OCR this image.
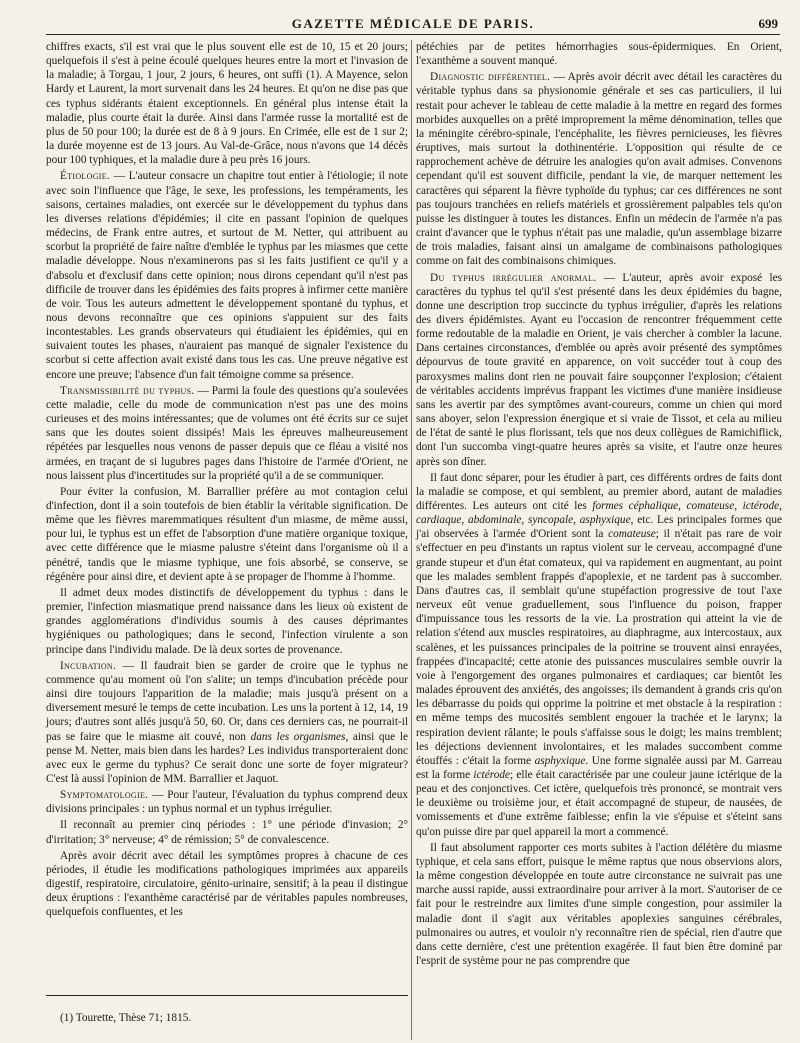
GAZETTE MÉDICALE DE PARIS.	699

chiffres exacts, s'il est vrai que le plus souvent elle est de 10, 15 et 20 jours; quelquefois il s'est à peine écoulé quelques heures entre la mort et l'invasion de la maladie; à Torgau, 1 jour, 2 jours, 6 heures, ont suffi (1). A Mayence, selon Hardy et Laurent, la mort survenait dans les 24 heures. Et qu'on ne dise pas que ces typhus sidérants étaient exceptionnels. En général plus intense était la maladie, plus courte était la durée. Ainsi dans l'armée russe la mortalité est de plus de 50 pour 100; la durée est de 8 à 9 jours. En Crimée, elle est de 1 sur 2; la durée moyenne est de 13 jours. Au Val-de-Grâce, nous n'avons que 14 décès pour 100 typhiques, et la maladie dure à peu près 16 jours.

Étiologie. — L'auteur consacre un chapitre tout entier à l'étiologie; il note avec soin l'influence que l'âge, le sexe, les professions, les tempéraments, les saisons, certaines maladies, ont exercée sur le développement du typhus dans les diverses relations d'épidémies; il cite en passant l'opinion de quelques médecins, de Frank entre autres, et surtout de M. Netter, qui attribuent au scorbut la propriété de faire naître d'emblée le typhus par les miasmes que cette maladie développe. Nous n'examinerons pas si les faits justifient ce qu'il y a d'absolu et d'exclusif dans cette opinion; nous dirons cependant qu'il n'est pas difficile de trouver dans les épidémies des faits propres à infirmer cette manière de voir. Tous les auteurs admettent le développement spontané du typhus, et nous devons reconnaître que ces opinions s'appuient sur des faits incontestables. Les grands observateurs qui étudiaient les épidémies, qui en suivaient toutes les phases, n'auraient pas manqué de signaler l'existence du scorbut si cette affection avait existé dans tous les cas. Une preuve négative est encore une preuve; l'absence d'un fait témoigne comme sa présence.

Transmissibilité du typhus. — Parmi la foule des questions qu'a soulevées cette maladie, celle du mode de communication n'est pas une des moins curieuses et des moins intéressantes; que de volumes ont été écrits sur ce sujet sans que les doutes soient dissipés! Mais les épreuves malheureusement répétées par lesquelles nous venons de passer depuis que ce fléau a visité nos armées, en traçant de si lugubres pages dans l'histoire de l'armée d'Orient, ne nous laissent plus d'incertitudes sur la propriété qu'il a de se communiquer.

Pour éviter la confusion, M. Barrallier préfère au mot contagion celui d'infection, dont il a soin toutefois de bien établir la véritable signification. De même que les fièvres maremmatiques résultent d'un miasme, de même aussi, pour lui, le typhus est un effet de l'absorption d'une matière organique toxique, avec cette différence que le miasme palustre s'éteint dans l'organisme où il a pénétré, tandis que le miasme typhique, une fois absorbé, se conserve, se régénère pour ainsi dire, et devient apte à se propager de l'homme à l'homme.

Il admet deux modes distinctifs de développement du typhus : dans le premier, l'infection miasmatique prend naissance dans les lieux où existent de grandes agglomérations d'individus soumis à des causes déprimantes hygiéniques ou pathologiques; dans le second, l'infection virulente a son principe dans l'individu malade. De là deux sortes de provenance.

Incubation. — Il faudrait bien se garder de croire que le typhus ne commence qu'au moment où l'on s'alite; un temps d'incubation précède pour ainsi dire toujours l'apparition de la maladie; mais jusqu'à présent on a diversement mesuré le temps de cette incubation. Les uns la portent à 12, 14, 19 jours; d'autres sont allés jusqu'à 50, 60. Or, dans ces derniers cas, ne pourrait-il pas se faire que le miasme ait couvé, non dans les organismes, ainsi que le pense M. Netter, mais bien dans les hardes? Les individus transporteraient donc avec eux le germe du typhus? Ce serait donc une sorte de foyer migrateur? C'est là aussi l'opinion de MM. Barrallier et Jaquot.

Symptomatologie. — Pour l'auteur, l'évaluation du typhus comprend deux divisions principales : un typhus normal et un typhus irrégulier.

Il reconnaît au premier cinq périodes : 1° une période d'invasion; 2° d'irritation; 3° nerveuse; 4° de rémission; 5° de convalescence.

Après avoir décrit avec détail les symptômes propres à chacune de ces périodes, il étudie les modifications pathologiques imprimées aux appareils digestif, respiratoire, circulatoire, génito-urinaire, sensitif; à la peau il distingue deux éruptions : l'exanthème caractérisé par de véritables papules nombreuses, quelquefois confluentes, et les

pétéchies par de petites hémorrhagies sous-épidermiques. En Orient, l'exanthème a souvent manqué.

Diagnostic différentiel. — Après avoir décrit avec détail les caractères du véritable typhus dans sa physionomie générale et ses cas particuliers, il lui restait pour achever le tableau de cette maladie à la mettre en regard des formes morbides auxquelles on a prêté improprement la même dénomination, telles que la méningite cérébro-spinale, l'encéphalite, les fièvres pernicieuses, les fièvres éruptives, mais surtout la dothinentérie. L'opposition qui résulte de ce rapprochement achève de détruire les analogies qu'on avait admises. Convenons cependant qu'il est souvent difficile, pendant la vie, de marquer nettement les caractères qui séparent la fièvre typhoïde du typhus; car ces différences ne sont pas toujours tranchées en reliefs matériels et grossièrement palpables tels qu'on puisse les distinguer à toutes les distances. Enfin un médecin de l'armée n'a pas craint d'avancer que le typhus n'était pas une maladie, qu'un assemblage bizarre de trois maladies, faisant ainsi un amalgame de combinaisons pathologiques comme on fait des combinaisons chimiques.

Du typhus irrégulier anormal. — L'auteur, après avoir exposé les caractères du typhus tel qu'il s'est présenté dans les deux épidémies du bagne, donne une description trop succincte du typhus irrégulier, d'après les relations des divers épidémistes. Ayant eu l'occasion de rencontrer fréquemment cette forme redoutable de la maladie en Orient, je vais chercher à combler la lacune. Dans certaines circonstances, d'emblée ou après avoir présenté des symptômes dépourvus de toute gravité en apparence, on voit succéder tout à coup des paroxysmes malins dont rien ne pouvait faire soupçonner l'explosion; c'étaient de véritables accidents imprévus frappant les victimes d'une manière insidieuse sans les avertir par des symptômes avant-coureurs, comme un chien qui mord sans aboyer, selon l'expression énergique et si vraie de Tissot, et cela au milieu de l'état de santé le plus florissant, tels que nos deux collègues de Ramichiflick, dont l'un succomba vingt-quatre heures après sa visite, et l'autre onze heures après son dîner.

Il faut donc séparer, pour les étudier à part, ces différents ordres de faits dont la maladie se compose, et qui semblent, au premier abord, autant de maladies différentes. Les auteurs ont cité les formes céphalique, comateuse, ictérode, cardiaque, abdominale, syncopale, asphyxique, etc. Les principales formes que j'ai observées à l'armée d'Orient sont la comateuse; il n'était pas rare de voir s'effectuer en peu d'instants un raptus violent sur le cerveau, accompagné d'une grande stupeur et d'un état comateux, qui va rapidement en augmentant, au point que les malades semblent frappés d'apoplexie, et ne tardent pas à succomber. Dans d'autres cas, il semblait qu'une stupéfaction progressive de tout l'axe nerveux eût venue graduellement, sous l'influence du poison, frapper d'impuissance tous les ressorts de la vie. La prostration qui atteint la vie de relation s'étend aux muscles respiratoires, au diaphragme, aux intercostaux, aux scalènes, et les puissances principales de la poitrine se trouvent ainsi enrayées, frappées d'incapacité; cette atonie des puissances musculaires semble ouvrir la voie à l'engorgement des organes pulmonaires et cardiaques; car bientôt les malades éprouvent des anxiétés, des angoisses; ils demandent à grands cris qu'on les débarrasse du poids qui opprime la poitrine et met obstacle à la respiration : en même temps des mucosités semblent engouer la trachée et le larynx; la respiration devient râlante; le pouls s'affaisse sous le doigt; les mains tremblent; les déjections deviennent involontaires, et les malades succombent comme étouffés : c'était la forme asphyxique. Une forme signalée aussi par M. Garreau est la forme ictérode; elle était caractérisée par une couleur jaune ictérique de la peau et des conjonctives. Cet ictère, quelquefois très prononcé, se montrait vers le deuxième ou troisième jour, et était accompagné de stupeur, de nausées, de vomissements et d'une extrême faiblesse; enfin la vie s'épuise et s'éteint sans qu'on puisse dire par quel appareil la mort a commencé.

Il faut absolument rapporter ces morts subites à l'action délétère du miasme typhique, et cela sans effort, puisque le même raptus que nous observions alors, la même congestion développée en toute autre circonstance ne suivrait pas une marche aussi rapide, aussi extraordinaire pour arriver à la mort. S'autoriser de ce fait pour le restreindre aux limites d'une simple congestion, pour assimiler la maladie dont il s'agit aux véritables apoplexies sanguines cérébrales, pulmonaires ou autres, et vouloir n'y reconnaître rien de spécial, rien d'autre que dans cette dernière, c'est une prétention exagérée. Il faut bien être dominé par l'esprit de système pour ne pas comprendre que

(1) Tourette, Thèse 71; 1815.
